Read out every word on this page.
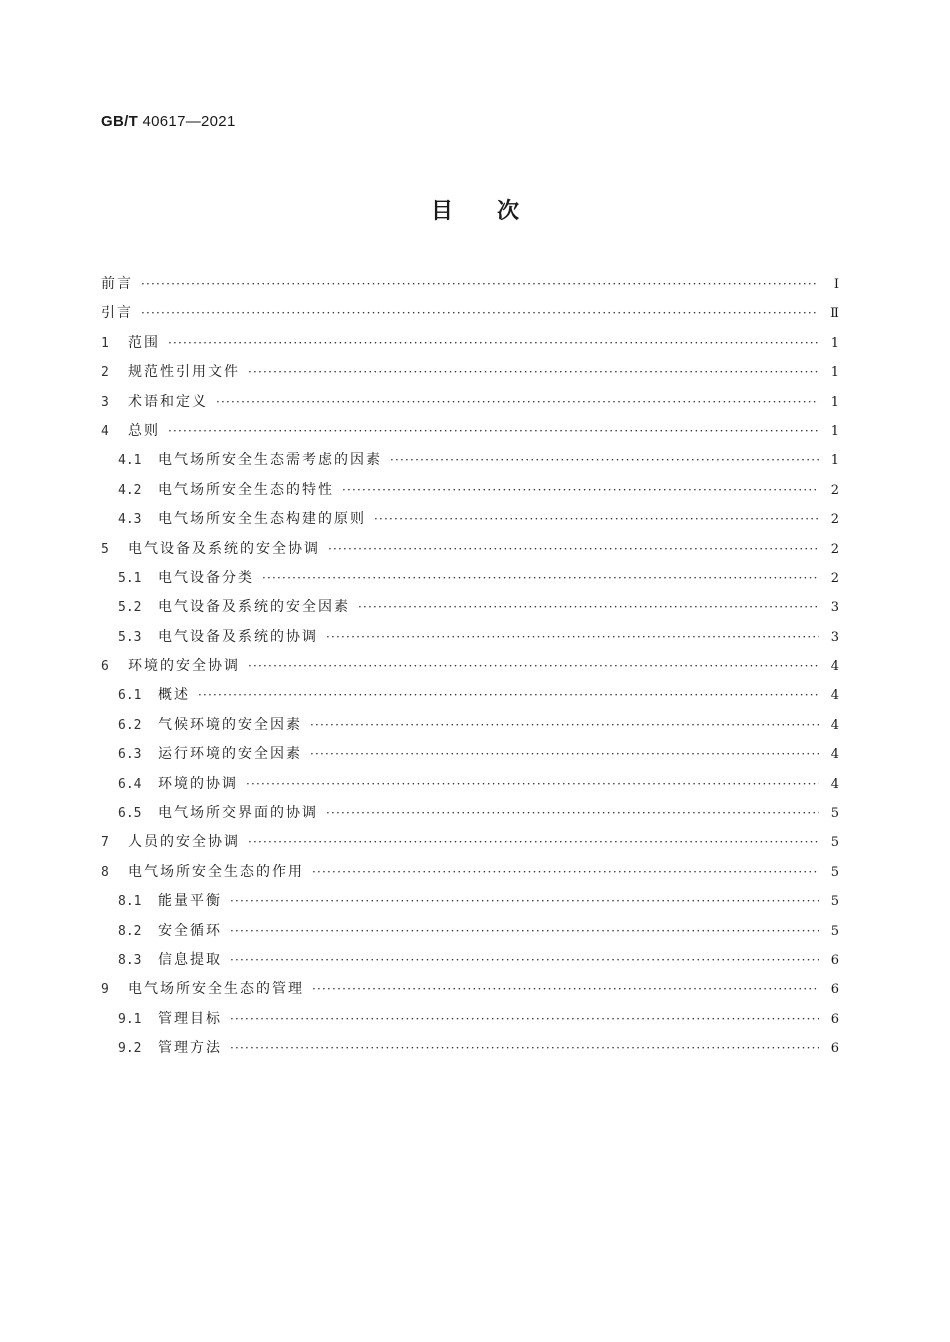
GB/T 40617—2021
目次
前言 ·····	Ⅰ
引言 ·····	Ⅱ
1	范围 ·····	1
2	规范性引用文件 ·····	1
3	术语和定义 ·····	1
4	总则 ·····	1
4.1	电气场所安全生态需考虑的因素 ·····	1
4.2	电气场所安全生态的特性 ·····	2
4.3	电气场所安全生态构建的原则 ·····	2
5	电气设备及系统的安全协调 ·····	2
5.1	电气设备分类 ·····	2
5.2	电气设备及系统的安全因素 ·····	3
5.3	电气设备及系统的协调 ·····	3
6	环境的安全协调 ·····	4
6.1	概述 ·····	4
6.2	气候环境的安全因素 ·····	4
6.3	运行环境的安全因素 ·····	4
6.4	环境的协调 ·····	4
6.5	电气场所交界面的协调 ·····	5
7	人员的安全协调 ·····	5
8	电气场所安全生态的作用 ·····	5
8.1	能量平衡 ·····	5
8.2	安全循环 ·····	5
8.3	信息提取 ·····	6
9	电气场所安全生态的管理 ·····	6
9.1	管理目标 ·····	6
9.2	管理方法 ·····	6
